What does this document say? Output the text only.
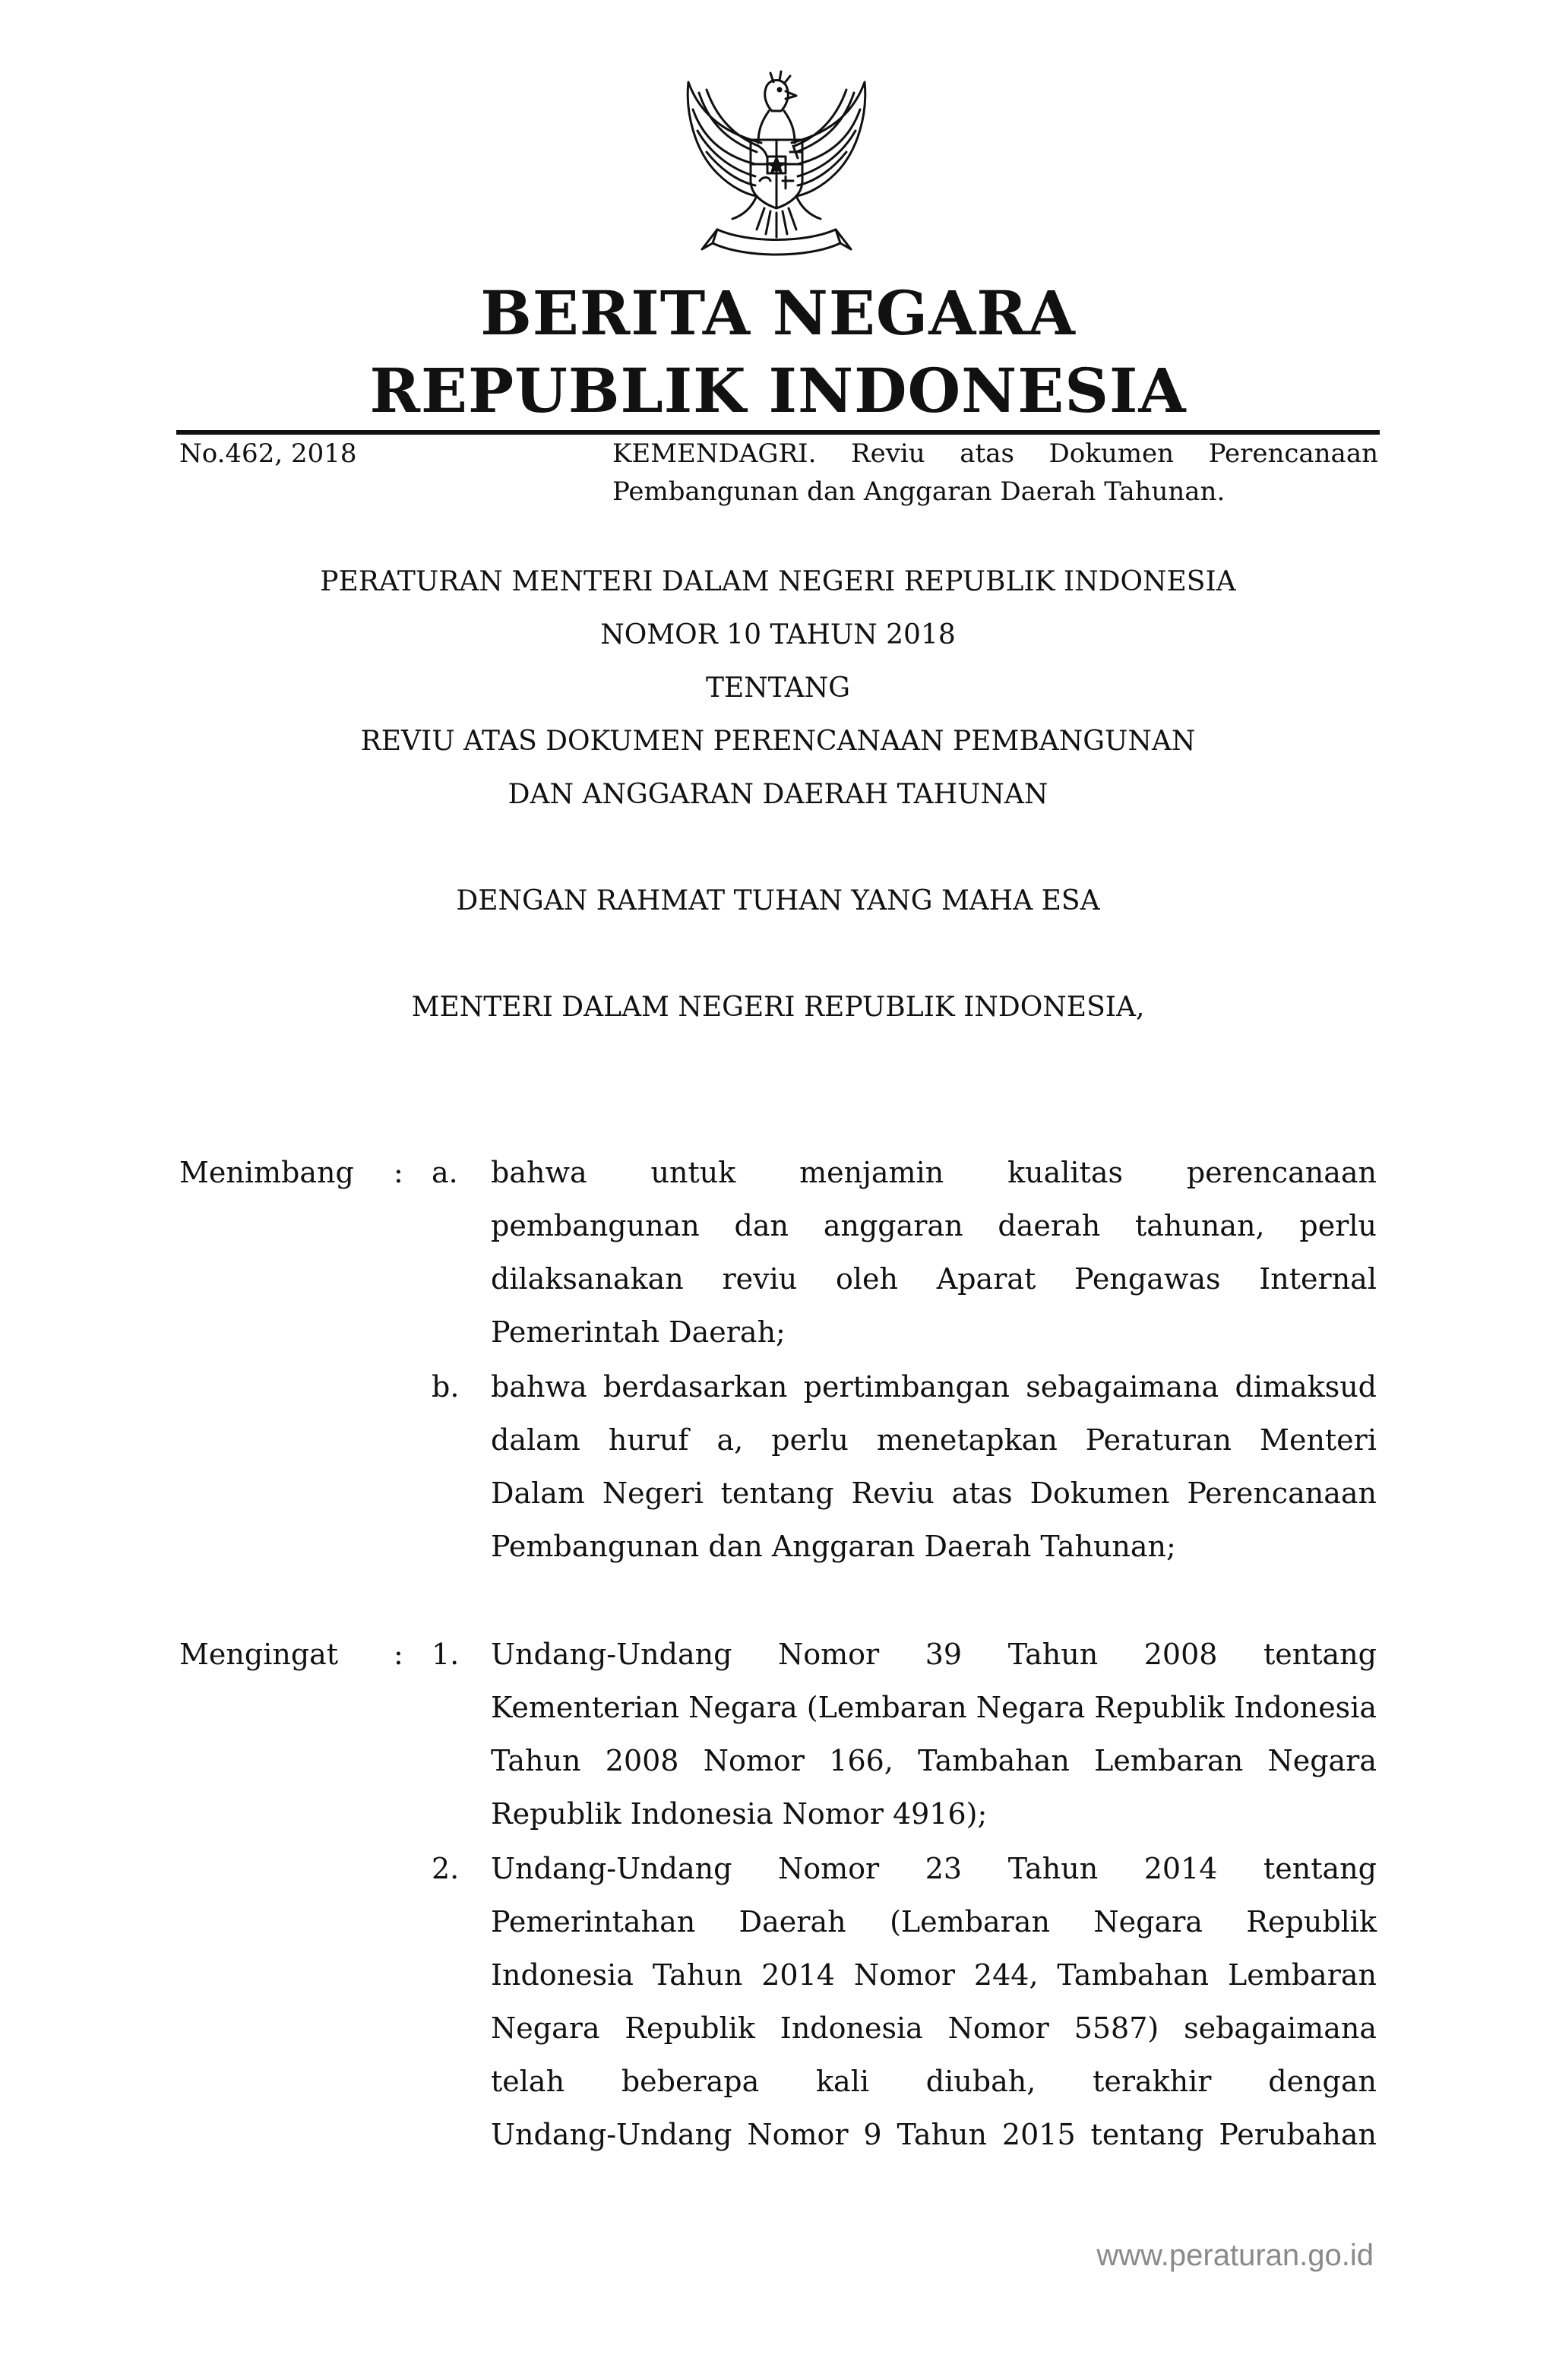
BERITA NEGARA
REPUBLIK INDONESIA
No.462, 2018	KEMENDAGRI. Reviu atas Dokumen Perencanaan
Pembangunan dan Anggaran Daerah Tahunan.
PERATURAN MENTERI DALAM NEGERI REPUBLIK INDONESIA
NOMOR 10 TAHUN 2018
TENTANG
REVIU ATAS DOKUMEN PERENCANAAN PEMBANGUNAN
DAN ANGGARAN DAERAH TAHUNAN
DENGAN RAHMAT TUHAN YANG MAHA ESA
MENTERI DALAM NEGERI REPUBLIK INDONESIA,
Menimbang : a. bahwa untuk menjamin kualitas perencanaan
pembangunan dan anggaran daerah tahunan, perlu
dilaksanakan reviu oleh Aparat Pengawas Internal
Pemerintah Daerah;
b. bahwa berdasarkan pertimbangan sebagaimana dimaksud
dalam huruf a, perlu menetapkan Peraturan Menteri
Dalam Negeri tentang Reviu atas Dokumen Perencanaan
Pembangunan dan Anggaran Daerah Tahunan;
Mengingat : 1. Undang-Undang Nomor 39 Tahun 2008 tentang
Kementerian Negara (Lembaran Negara Republik Indonesia
Tahun 2008 Nomor 166, Tambahan Lembaran Negara
Republik Indonesia Nomor 4916);
2. Undang-Undang Nomor 23 Tahun 2014 tentang
Pemerintahan Daerah (Lembaran Negara Republik
Indonesia Tahun 2014 Nomor 244, Tambahan Lembaran
Negara Republik Indonesia Nomor 5587) sebagaimana
telah beberapa kali diubah, terakhir dengan
Undang-Undang Nomor 9 Tahun 2015 tentang Perubahan
www.peraturan.go.id
